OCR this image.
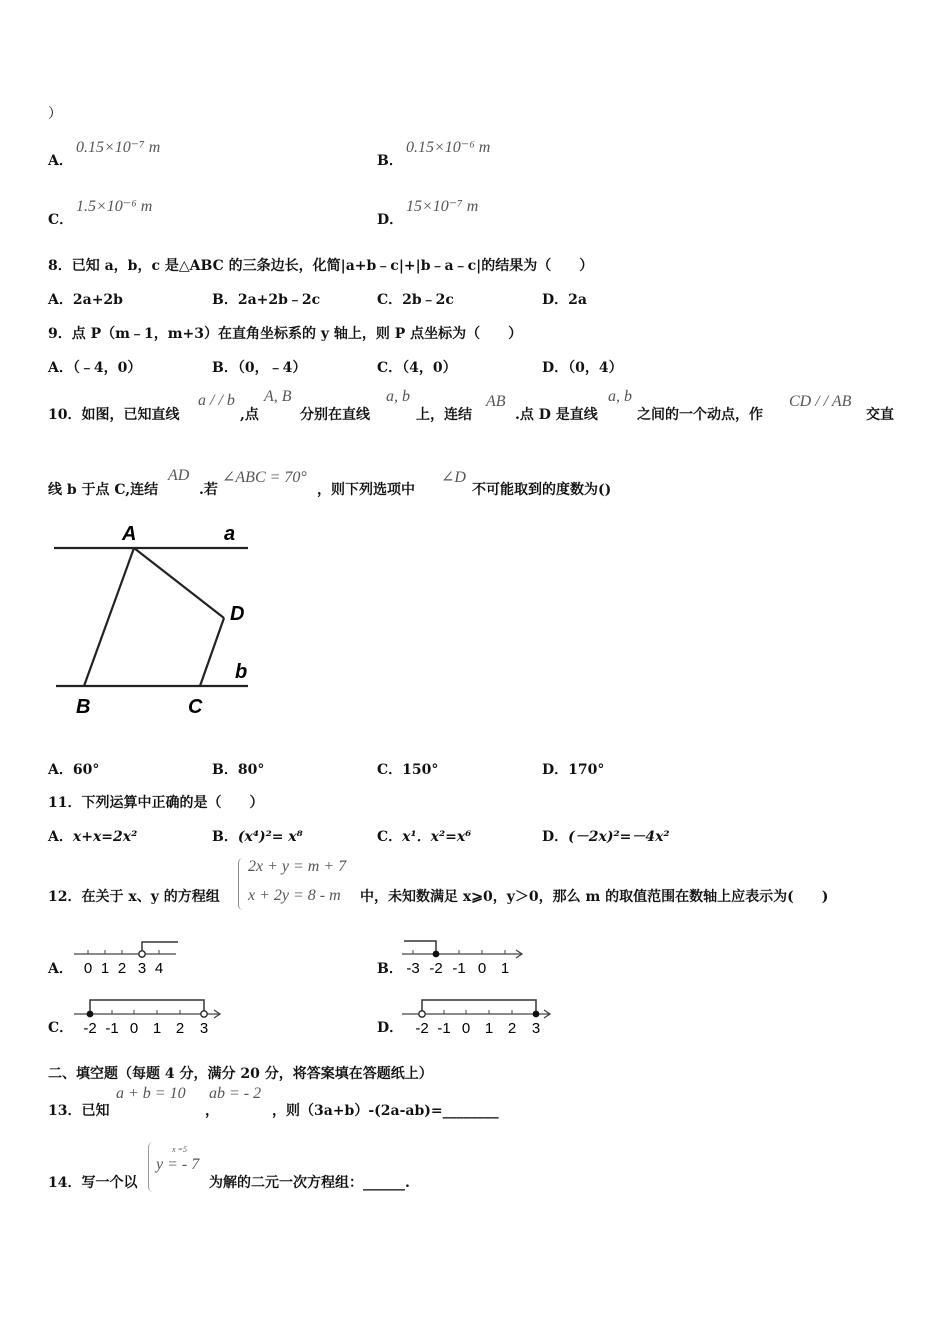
）
A．
0.15×10⁻⁷ m
B．
0.15×10⁻⁶ m
C．
1.5×10⁻⁶ m
D．
15×10⁻⁷ m
8．已知 a，b，c 是△ABC 的三条边长，化简|a+b﹣c|+|b﹣a﹣c|的结果为（　　）
A．2a+2b	B．2a+2b﹣2c	C．2b﹣2c	D．2a
9．点 P（m﹣1，m+3）在直角坐标系的 y 轴上，则 P 点坐标为（　　）
A．（﹣4，0）	B．（0，﹣4）	C．（4，0）	D．（0，4）
10．如图，已知直线
a / / b
,点
A, B
分别在直线
a, b
上，连结
AB
.点 D 是直线
a, b
之间的一个动点，作
CD / / AB
交直
线 b 于点 C,连结
AD
.若
∠ABC = 70°
，则下列选项中
∠D
不可能取到的度数为()
A	a
D
b
B	C
A．60°	B．80°	C．150°	D．170°
11．下列运算中正确的是（　　）
A．x+x=2x²	B．(x⁴)²= x⁸	C．x¹．x²=x⁶	D．(－2x)²=－4x²
12．在关于 x、y 的方程组
2x + y = m + 7
x + 2y = 8 - m 中，未知数满足 x⩾0，y＞0，那么 m 的取值范围在数轴上应表示为(　　)
A． 0 1 2 3 4	B． -3 -2 -1 0 1
C． -2 -1 0 1 2 3	D． -2 -1 0 1 2 3
二、填空题（每题 4 分，满分 20 分，将答案填在答题纸上）
13．已知
a + b = 10
，
ab = - 2
，则（3a+b）-(2a-ab)=________
14．写一个以
x =5
y = - 7
为解的二元一次方程组：______.
